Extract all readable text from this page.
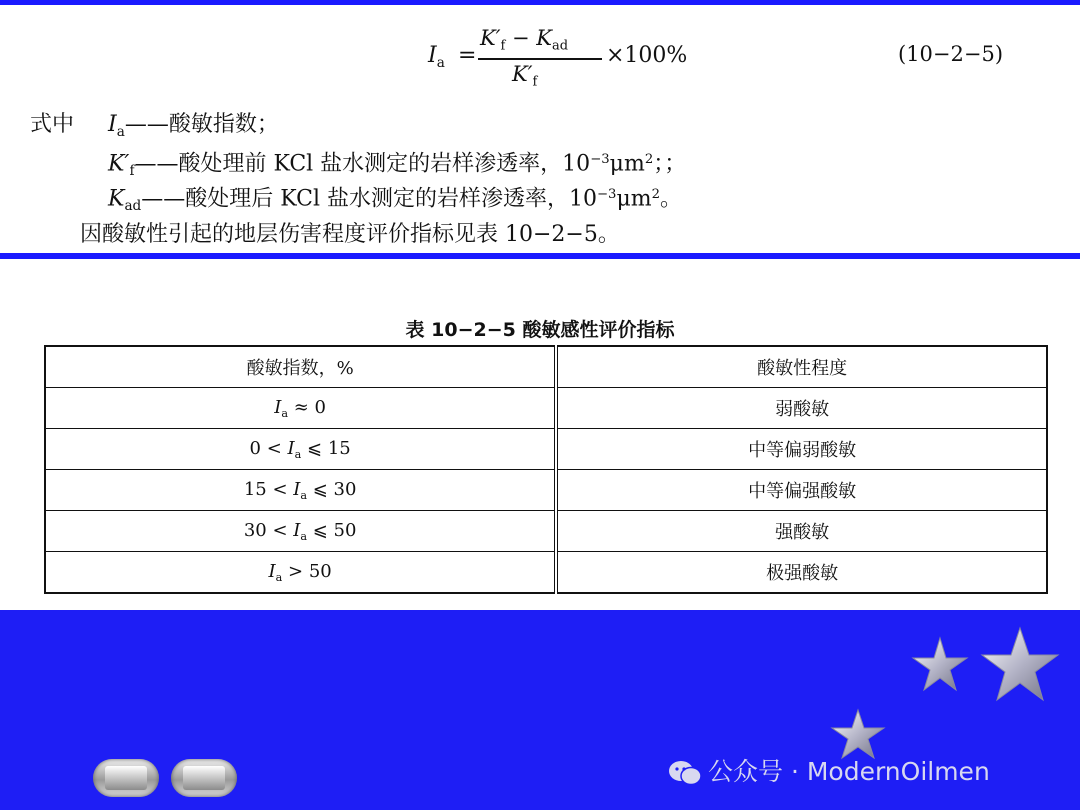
$I_a$ =
$K'_f - K_{ad}$
$K'_f$
×100%	(10−2−5)
式中 $I_a——$酸敏指数；
$K'_f——$酸处理前 KCl 盐水测定的岩样渗透率，$10^{-3}\mu m^2$；；
$K_{ad}——$酸处理后 KCl 盐水测定的岩样渗透率，$10^{-3}\mu m^2$。
因酸敏性引起的地层伤害程度评价指标见表 10−2−5。
表 10−2−5 酸敏感性评价指标
酸敏指数，%	酸敏性程度
$I_a \approx 0$	弱酸敏
$0 < I_a$ ⩽ 15	中等偏弱酸敏
$15 < I_a$ ⩽ 30	中等偏强酸敏
$30 < I_a$ ⩽ 50	强酸敏
$I_a > 50$	极强酸敏
公众号 · ModernOilmen
